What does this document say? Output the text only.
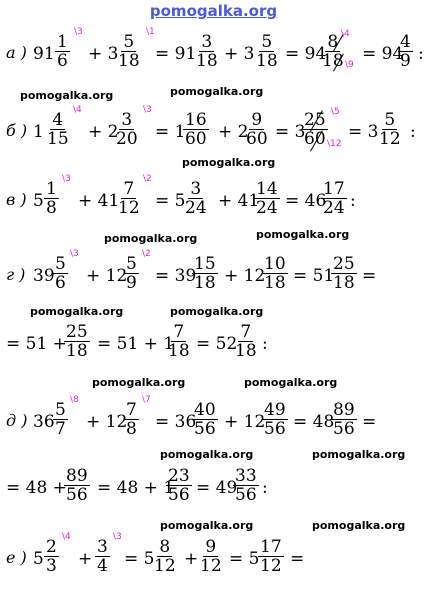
pomogalka.org
а ) $91 \frac{1}{6}$
\3
+ 3
$\frac{5}{18}$
\1
= 91
$\frac{3}{18} + 3 \frac{5}{18} = 94$
$\frac{8}{18}$
\4
\9
= 94
$\frac{4}{9}$ :
pomogalka.org	pomogalka.org
б ) $1 \frac{4}{15}$
\4
+ 2
$\frac{3}{20}$
\3
= 1
$\frac{16}{60} + 2$
$\frac{9}{60} = 3$
$\frac{25}{60}$ \5
\12
= 3
$\frac{5}{12}$ :
pomogalka.org
в ) $5 \frac{1}{8}$
\3
+ 41
$\frac{7}{12}$
\2
= 5
$\frac{3}{24} + 41$
$\frac{14}{24} = 46$
$\frac{17}{24}$ :
pomogalka.org	pomogalka.org
г ) 39
$\frac{5}{6}$
\3
+ 12
$\frac{5}{9}$
\2
= 39
$\frac{15}{18} + 12$
$\frac{10}{18} = 51$
$\frac{25}{18}$ =
pomogalka.org	pomogalka.org
= 51 +
$\frac{25}{18} = 51 + 1$
$\frac{7}{18} = 52$
$\frac{7}{18}$ :
pomogalka.org	pomogalka.org
д ) 36
$\frac{5}{7}$
\8
+ 12
$\frac{7}{8}$
\7
= 36
$\frac{40}{56} + 12$
$\frac{49}{56} = 48$
$\frac{89}{56}$ =
pomogalka.org	pomogalka.org
= 48 +
$\frac{89}{56} = 48 + 1$
$\frac{23}{56} = 49$
$\frac{33}{56}$ :
pomogalka.org	pomogalka.org
е ) $5 \frac{2}{3}$
\4
+ $\frac{3}{4}$
\3
= 5
$\frac{8}{12} + \frac{9}{12} = 5$
$\frac{17}{12}$ =
